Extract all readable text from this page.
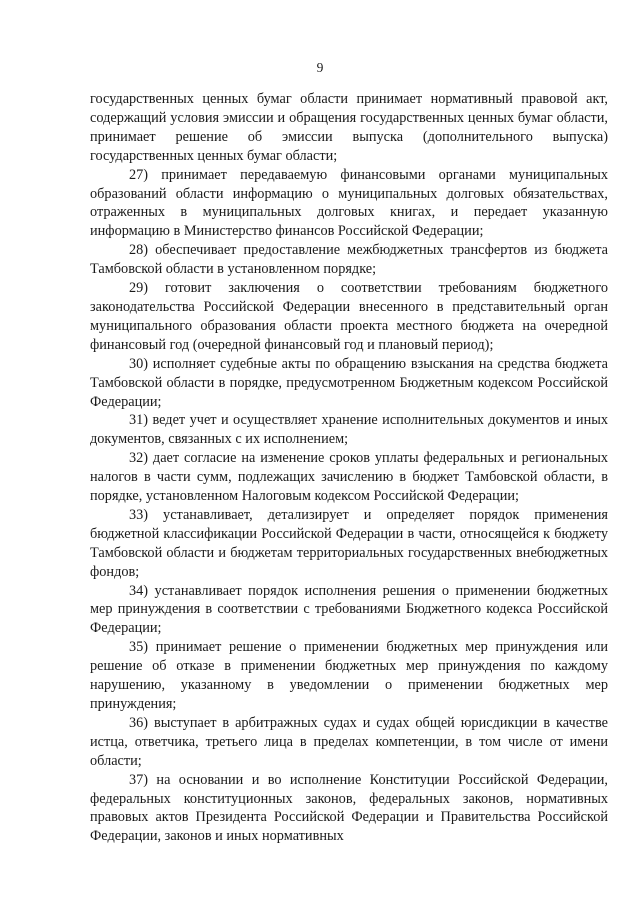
9

государственных ценных бумаг области принимает нормативный правовой акт, содержащий условия эмиссии и обращения государственных ценных бумаг области, принимает решение об эмиссии выпуска (дополнительного выпуска) государственных ценных бумаг области;

27) принимает передаваемую финансовыми органами муниципальных образований области информацию о муниципальных долговых обязательствах, отраженных в муниципальных долговых книгах, и передает указанную информацию в Министерство финансов Российской Федерации;

28) обеспечивает предоставление межбюджетных трансфертов из бюджета Тамбовской области в установленном порядке;

29) готовит заключения о соответствии требованиям бюджетного законодательства Российской Федерации внесенного в представительный орган муниципального образования области проекта местного бюджета на очередной финансовый год (очередной финансовый год и плановый период);

30) исполняет судебные акты по обращению взыскания на средства бюджета Тамбовской области в порядке, предусмотренном Бюджетным кодексом Российской Федерации;

31) ведет учет и осуществляет хранение исполнительных документов и иных документов, связанных с их исполнением;

32) дает согласие на изменение сроков уплаты федеральных и региональных налогов в части сумм, подлежащих зачислению в бюджет Тамбовской области, в порядке, установленном Налоговым кодексом Российской Федерации;

33) устанавливает, детализирует и определяет порядок применения бюджетной классификации Российской Федерации в части, относящейся к бюджету Тамбовской области и бюджетам территориальных государственных внебюджетных фондов;

34) устанавливает порядок исполнения решения о применении бюджетных мер принуждения в соответствии с требованиями Бюджетного кодекса Российской Федерации;

35) принимает решение о применении бюджетных мер принуждения или решение об отказе в применении бюджетных мер принуждения по каждому нарушению, указанному в уведомлении о применении бюджетных мер принуждения;

36) выступает в арбитражных судах и судах общей юрисдикции в качестве истца, ответчика, третьего лица в пределах компетенции, в том числе от имени области;

37) на основании и во исполнение Конституции Российской Федерации, федеральных конституционных законов, федеральных законов, нормативных правовых актов Президента Российской Федерации и Правительства Российской Федерации, законов и иных нормативных
